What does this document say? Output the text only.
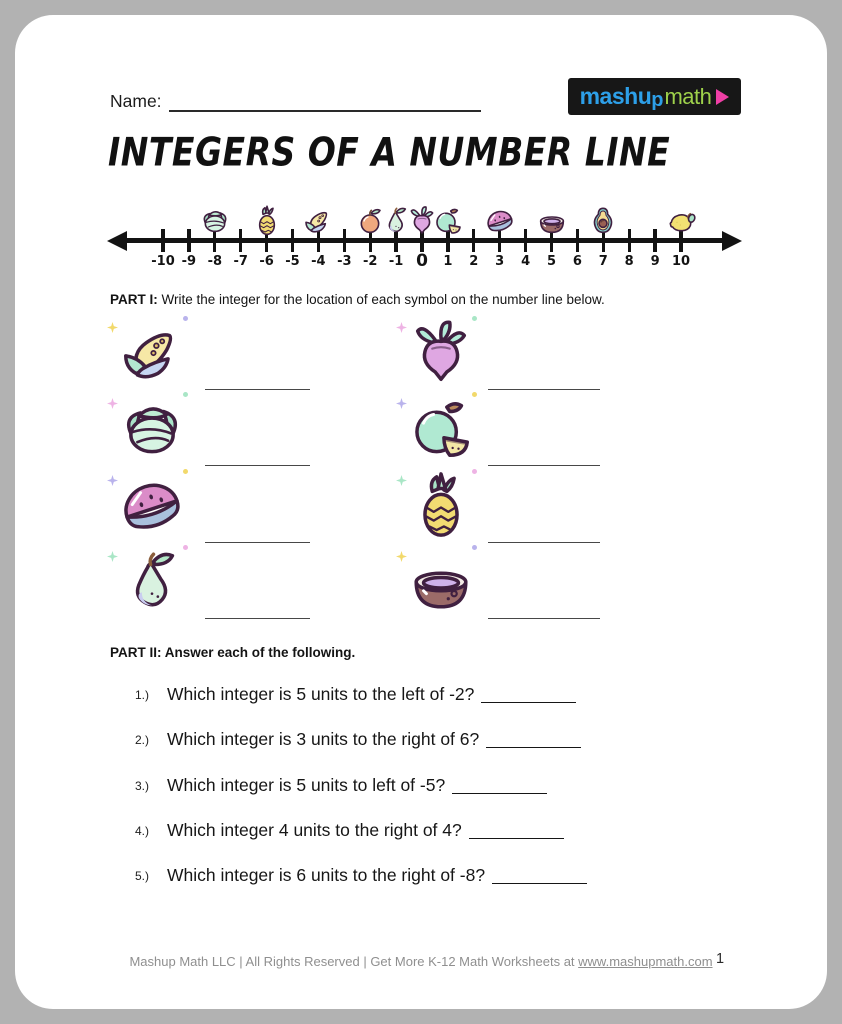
Name:	mashu p math
INTEGERS OF A NUMBER LINE
-10 -9 -8 -7 -6 -5 -4 -3 -2 -1 0	1	2	3	4	5	6	7	8	9 10

PART I: Write the integer for the location of each symbol on the number line below.

PART II: Answer each of the following.

1.) Which integer is 5 units to the left of -2?
2.) Which integer is 3 units to the right of 6?
3.) Which integer is 5 units to left of -5?
4.) Which integer 4 units to the right of 4?
5.) Which integer is 6 units to the right of -8?
Mashup Math LLC | All Rights Reserved | Get More K-12 Math Worksheets at www.mashupmath.com 1
